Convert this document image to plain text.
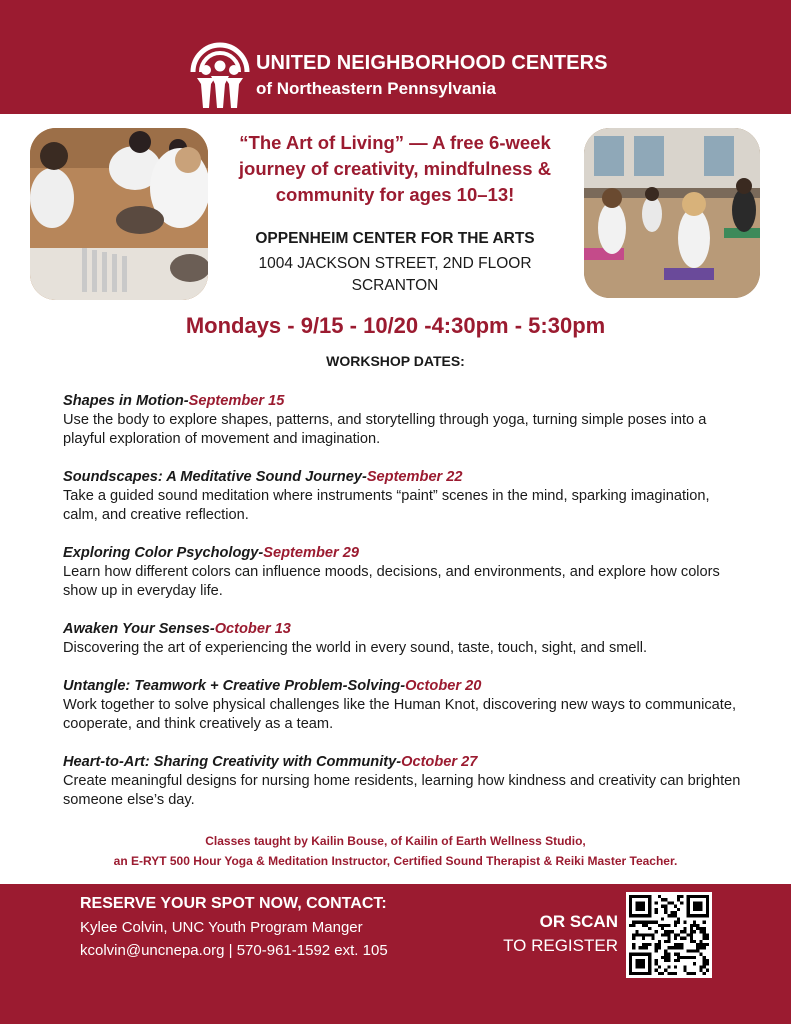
UNITED NEIGHBORHOOD CENTERS
of Northeastern Pennsylvania
“The Art of Living” — A free 6-week
journey of creativity, mindfulness &
community for ages 10–13!
OPPENHEIM CENTER FOR THE ARTS
1004 JACKSON STREET, 2ND FLOOR
SCRANTON
Mondays - 9/15 - 10/20 -4:30pm - 5:30pm
WORKSHOP DATES:
Shapes in Motion-September 15
Use the body to explore shapes, patterns, and storytelling through yoga, turning simple poses into a playful exploration of movement and imagination.
Soundscapes: A Meditative Sound Journey-September 22
Take a guided sound meditation where instruments “paint” scenes in the mind, sparking imagination, calm, and creative reflection.
Exploring Color Psychology-September 29
Learn how different colors can influence moods, decisions, and environments, and explore how colors show up in everyday life.
Awaken Your Senses-October 13
Discovering the art of experiencing the world in every sound, taste, touch, sight, and smell.
Untangle: Teamwork + Creative Problem-Solving-October 20
Work together to solve physical challenges like the Human Knot, discovering new ways to communicate, cooperate, and think creatively as a team.
Heart-to-Art: Sharing Creativity with Community-October 27
Create meaningful designs for nursing home residents, learning how kindness and creativity can brighten someone else’s day.
Classes taught by Kailin Bouse, of Kailin of Earth Wellness Studio,
an E-RYT 500 Hour Yoga & Meditation Instructor, Certified Sound Therapist & Reiki Master Teacher.
RESERVE YOUR SPOT NOW, CONTACT:
Kylee Colvin, UNC Youth Program Manger
kcolvin@uncnepa.org | 570-961-1592 ext. 105
OR SCAN
TO REGISTER
